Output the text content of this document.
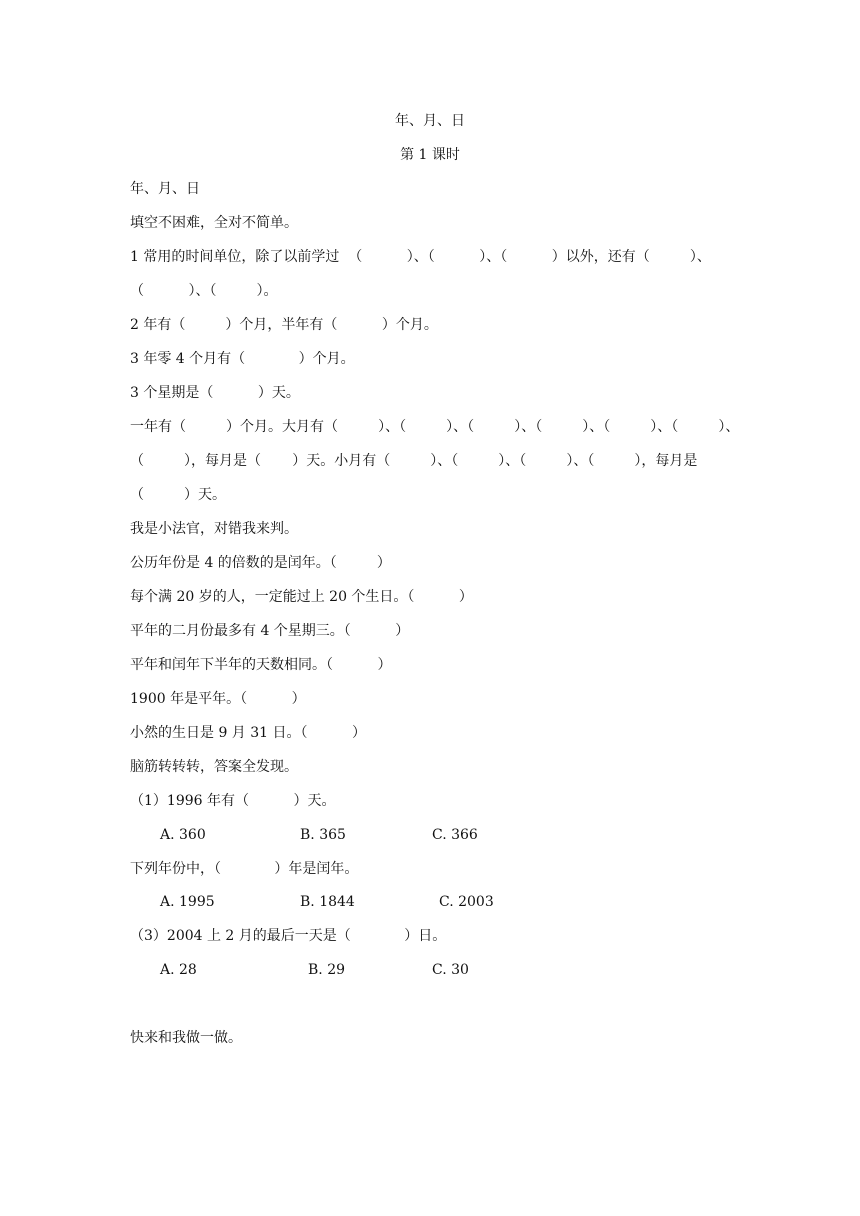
年、月、日

第 1 课时

年、月、日

填空不困难，全对不简单。

1 常用的时间单位，除了以前学过  （          ）、（          ）、（          ）以外，还有（         ）、

（          ）、（         ）。

2 年有（         ）个月，半年有（          ）个月。

3 年零 4 个月有（            ）个月。

3 个星期是（          ）天。

一年有（         ）个月。大月有（         ）、（         ）、（         ）、（         ）、（         ）、（         ）、

（         ），每月是（       ）天。小月有（         ）、（         ）、（         ）、（         ），每月是

（         ）天。

我是小法官，对错我来判。

公历年份是 4 的倍数的是闰年。（         ）

每个满 20 岁的人，一定能过上 20 个生日。（          ）

平年的二月份最多有 4 个星期三。（          ）

平年和闰年下半年的天数相同。（          ）

1900 年是平年。（          ）

小然的生日是 9 月 31 日。（          ）

脑筋转转转，答案全发现。

（1）1996 年有（          ）天。

A. 360	B. 365	C. 366

下列年份中，（            ）年是闰年。

A. 1995	B. 1844	C. 2003

（3）2004 上 2 月的最后一天是（            ）日。

A. 28	B. 29	C. 30

快来和我做一做。
